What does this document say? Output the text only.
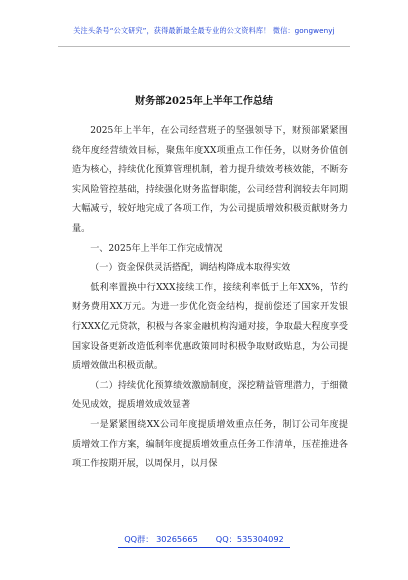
关注头条号“公文研究”，获得最新最全最专业的公文资料库！ 微信：gongwenyj
财务部2025年上半年工作总结

2025年上半年，在公司经营班子的坚强领导下，财预部紧紧围绕年度经营绩效目标，聚焦年度XX项重点工作任务，以财务价值创造为核心，持续优化预算管理机制，着力提升绩效考核效能，不断夯实风险管控基础，持续强化财务监督职能，公司经营利润较去年同期大幅减亏，较好地完成了各项工作，为公司提质增效积极贡献财务力量。

一、2025年上半年工作完成情况

（一）资金保供灵活搭配，调结构降成本取得实效

低利率置换中行XXX接续工作，接续利率低于上年XX%，节约财务费用XX万元。为进一步优化资金结构，提前偿还了国家开发银行XXX亿元贷款，积极与各家金融机构沟通对接，争取最大程度享受国家设备更新改造低利率优惠政策同时积极争取财政贴息，为公司提质增效做出积极贡献。

（二）持续优化预算绩效激励制度，深挖精益管理潜力，于细微处见成效，提质增效成效显著

一是紧紧围绕XX公司年度提质增效重点任务，制订公司年度提质增效工作方案，编制年度提质增效重点任务工作清单，压茬推进各项工作按期开展，以周保月，以月保

QQ群： 30265665 QQ：535304092
